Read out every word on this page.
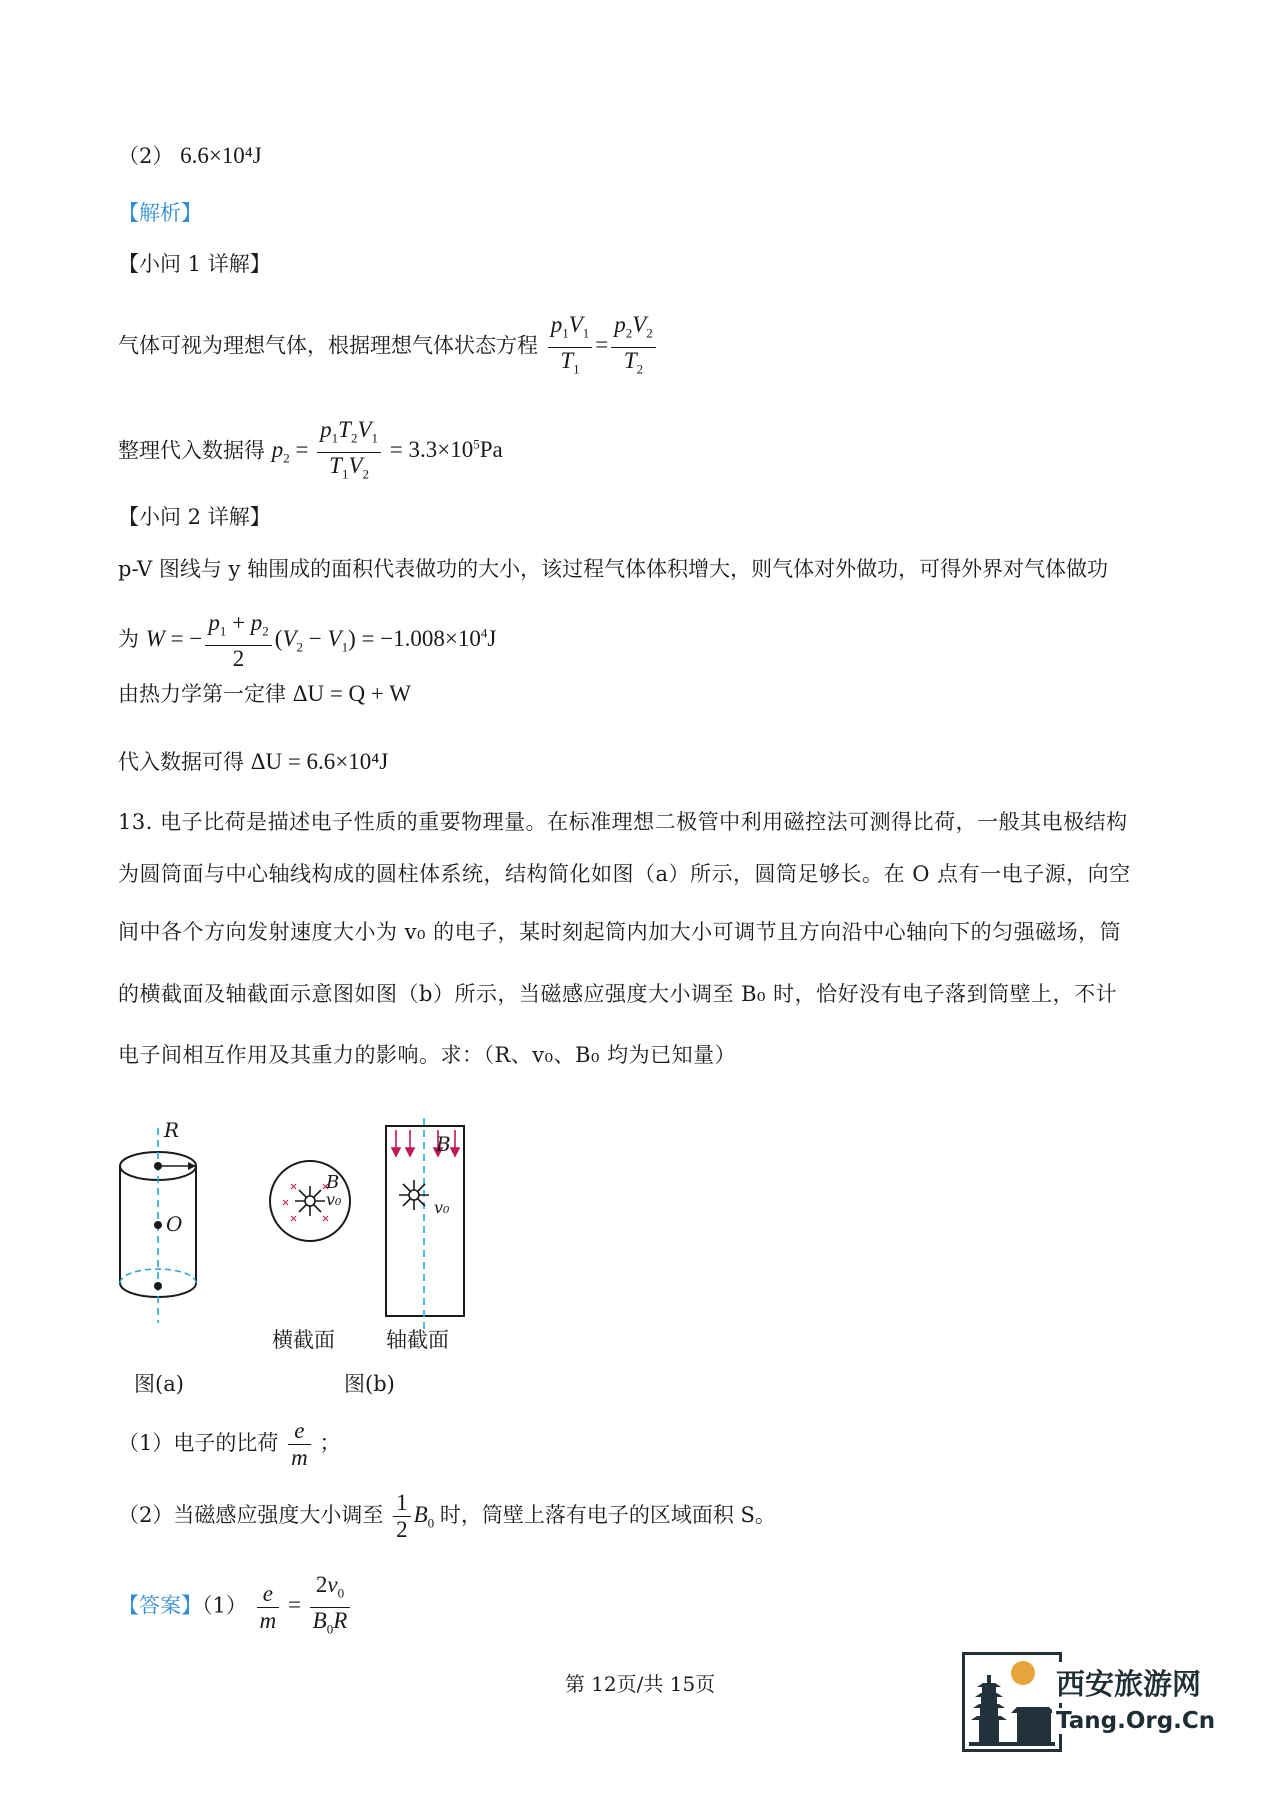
（2） 6.6×10⁴J
【解析】
【小问 1 详解】
气体可视为理想气体，根据理想气体状态方程 $\frac{p_1V_1}{T_1} = \frac{p_2V_2}{T_2}$
整理代入数据得 $p_2 = \frac{p_1T_2V_1}{T_1V_2} = 3.3\times 10^5Pa$
【小问 2 详解】
p-V 图线与 y 轴围成的面积代表做功的大小，该过程气体体积增大，则气体对外做功，可得外界对气体做功
为 W = − $\frac{p_1 + p_2}{2} (V_2 - V_1) = -1.008\times 10^4J$
由热力学第一定律 ΔU = Q + W
代入数据可得 ΔU = 6.6×10⁴J
13. 电子比荷是描述电子性质的重要物理量。在标准理想二极管中利用磁控法可测得比荷，一般其电极结构
为圆筒面与中心轴线构成的圆柱体系统，结构简化如图（a）所示，圆筒足够长。在 O 点有一电子源，向空
间中各个方向发射速度大小为 v₀ 的电子，某时刻起筒内加大小可调节且方向沿中心轴向下的匀强磁场，筒
的横截面及轴截面示意图如图（b）所示，当磁感应强度大小调至 B₀ 时，恰好没有电子落到筒壁上，不计
电子间相互作用及其重力的影响。求：（R、v₀、B₀ 均为已知量）
R
O
B
v₀
B
v₀
横截面 轴截面
图(a)	图(b)
（1）电子的比荷 $\frac{e}{m}$ ；
（2）当磁感应强度大小调至 $\frac{1}{2} B_0$ 时，筒壁上落有电子的区域面积 S。
【答案】$(1) \frac{e}{m} = \frac{2v_0}{B_0R}$
第 12页/共 15页	西安旅游网
Tang.Org.Cn
